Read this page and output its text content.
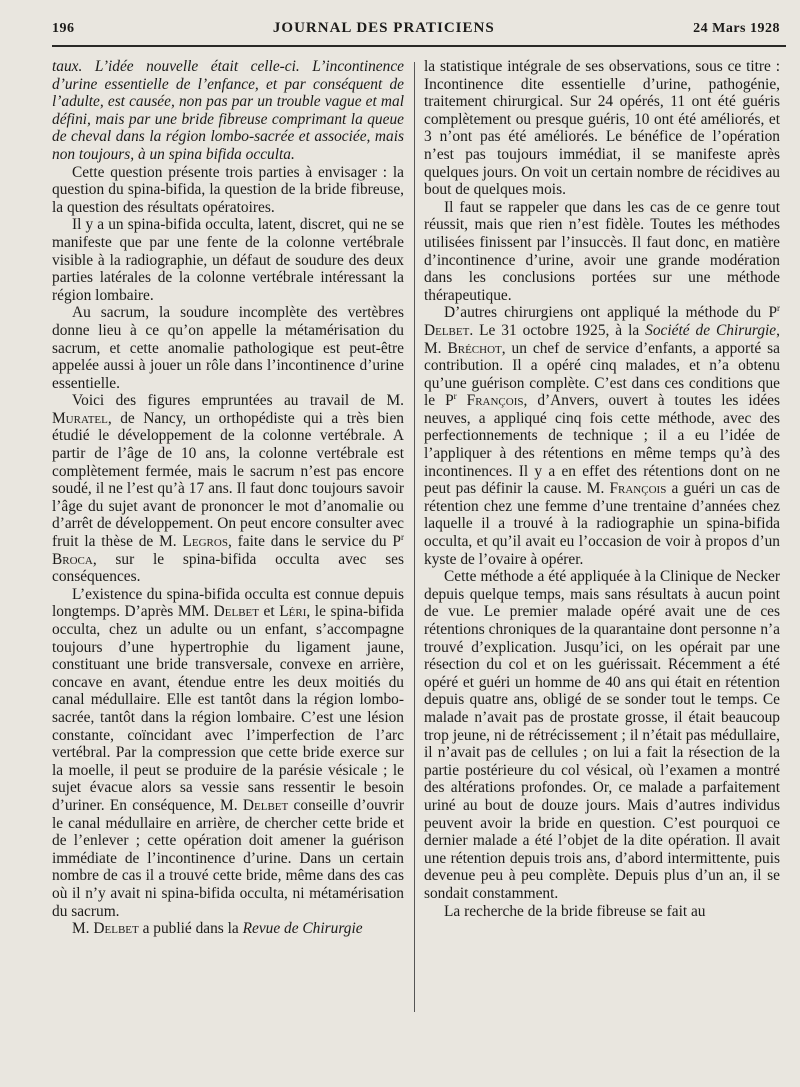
196	JOURNAL DES PRATICIENS	24 Mars 1928

taux. L’idée nouvelle était celle-ci. L’incontinence d’urine essentielle de l’enfance, et par conséquent de l’adulte, est causée, non pas par un trouble vague et mal défini, mais par une bride fibreuse comprimant la queue de cheval dans la région lombo-sacrée et associée, mais non toujours, à un spina bifida occulta.

Cette question présente trois parties à envisager : la question du spina-bifida, la question de la bride fibreuse, la question des résultats opératoires.

Il y a un spina-bifida occulta, latent, discret, qui ne se manifeste que par une fente de la colonne vertébrale visible à la radiographie, un défaut de soudure des deux parties latérales de la colonne vertébrale intéressant la région lombaire.

Au sacrum, la soudure incomplète des vertèbres donne lieu à ce qu’on appelle la métamérisation du sacrum, et cette anomalie pathologique est peut-être appelée aussi à jouer un rôle dans l’incontinence d’urine essentielle.

Voici des figures empruntées au travail de M. Muratel, de Nancy, un orthopédiste qui a très bien étudié le développement de la colonne vertébrale. A partir de l’âge de 10 ans, la colonne vertébrale est complètement fermée, mais le sacrum n’est pas encore soudé, il ne l’est qu’à 17 ans. Il faut donc toujours savoir l’âge du sujet avant de prononcer le mot d’anomalie ou d’arrêt de développement. On peut encore consulter avec fruit la thèse de M. Legros, faite dans le service du $P^r$ Broca, sur le spina-bifida occulta avec ses conséquences.

L’existence du spina-bifida occulta est connue depuis longtemps. D’après MM. Delbet et Léri, le spina-bifida occulta, chez un adulte ou un enfant, s’accompagne toujours d’une hypertrophie du ligament jaune, constituant une bride transversale, convexe en arrière, concave en avant, étendue entre les deux moitiés du canal médullaire. Elle est tantôt dans la région lombo-sacrée, tantôt dans la région lombaire. C’est une lésion constante, coïncidant avec l’imperfection de l’arc vertébral. Par la compression que cette bride exerce sur la moelle, il peut se produire de la parésie vésicale ; le sujet évacue alors sa vessie sans ressentir le besoin d’uriner. En conséquence, M. Delbet conseille d’ouvrir le canal médullaire en arrière, de chercher cette bride et de l’enlever ; cette opération doit amener la guérison immédiate de l’incontinence d’urine. Dans un certain nombre de cas il a trouvé cette bride, même dans des cas où il n’y avait ni spina-bifida occulta, ni métamérisation du sacrum.

M. Delbet a publié dans la Revue de Chirurgie

la statistique intégrale de ses observations, sous ce titre : Incontinence dite essentielle d’urine, pathogénie, traitement chirurgical. Sur 24 opérés, 11 ont été guéris complètement ou presque guéris, 10 ont été améliorés, et 3 n’ont pas été améliorés. Le bénéfice de l’opération n’est pas toujours immédiat, il se manifeste après quelques jours. On voit un certain nombre de récidives au bout de quelques mois.

Il faut se rappeler que dans les cas de ce genre tout réussit, mais que rien n’est fidèle. Toutes les méthodes utilisées finissent par l’insuccès. Il faut donc, en matière d’incontinence d’urine, avoir une grande modération dans les conclusions portées sur une méthode thérapeutique.

D’autres chirurgiens ont appliqué la méthode du $P^r$ Delbet. Le 31 octobre 1925, à la Société de Chirurgie, M. Bréchot, un chef de service d’enfants, a apporté sa contribution. Il a opéré cinq malades, et n’a obtenu qu’une guérison complète. C’est dans ces conditions que le $P^r$ François, d’Anvers, ouvert à toutes les idées neuves, a appliqué cinq fois cette méthode, avec des perfectionnements de technique ; il a eu l’idée de l’appliquer à des rétentions en même temps qu’à des incontinences. Il y a en effet des rétentions dont on ne peut pas définir la cause. M. François a guéri un cas de rétention chez une femme d’une trentaine d’années chez laquelle il a trouvé à la radiographie un spina-bifida occulta, et qu’il avait eu l’occasion de voir à propos d’un kyste de l’ovaire à opérer.

Cette méthode a été appliquée à la Clinique de Necker depuis quelque temps, mais sans résultats à aucun point de vue. Le premier malade opéré avait une de ces rétentions chroniques de la quarantaine dont personne n’a trouvé d’explication. Jusqu’ici, on les opérait par une résection du col et on les guérissait. Récemment a été opéré et guéri un homme de 40 ans qui était en rétention depuis quatre ans, obligé de se sonder tout le temps. Ce malade n’avait pas de prostate grosse, il était beaucoup trop jeune, ni de rétrécissement ; il n’était pas médullaire, il n’avait pas de cellules ; on lui a fait la résection de la partie postérieure du col vésical, où l’examen a montré des altérations profondes. Or, ce malade a parfaitement uriné au bout de douze jours. Mais d’autres individus peuvent avoir la bride en question. C’est pourquoi ce dernier malade a été l’objet de la dite opération. Il avait une rétention depuis trois ans, d’abord intermittente, puis devenue peu à peu complète. Depuis plus d’un an, il se sondait constamment.

La recherche de la bride fibreuse se fait au
